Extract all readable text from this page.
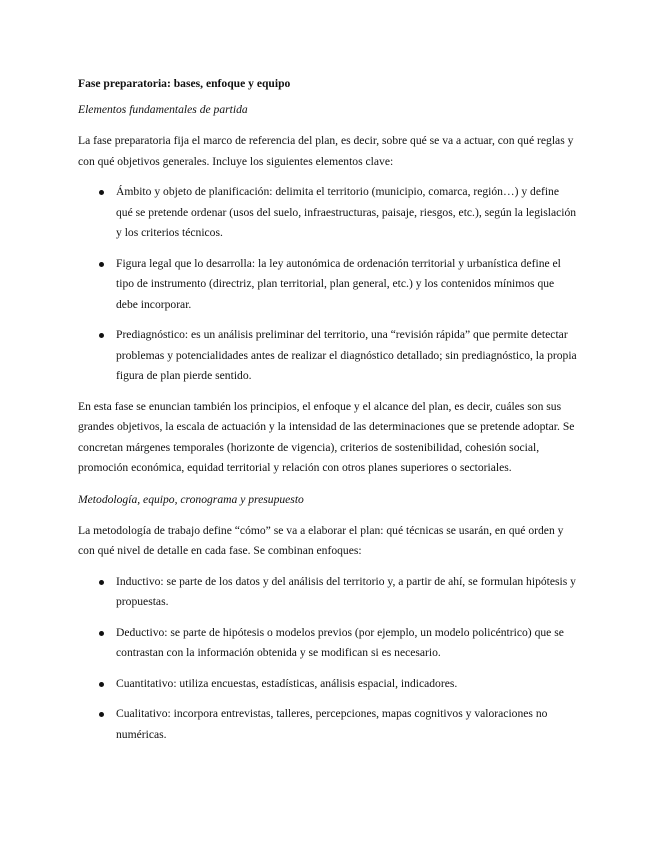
Fase preparatoria: bases, enfoque y equipo
Elementos fundamentales de partida

La fase preparatoria fija el marco de referencia del plan, es decir, sobre qué se va a actuar, con qué reglas y con qué objetivos generales. Incluye los siguientes elementos clave:

Ámbito y objeto de planificación: delimita el territorio (municipio, comarca, región…) y define qué se pretende ordenar (usos del suelo, infraestructuras, paisaje, riesgos, etc.), según la legislación y los criterios técnicos.
Figura legal que lo desarrolla: la ley autonómica de ordenación territorial y urbanística define el tipo de instrumento (directriz, plan territorial, plan general, etc.) y los contenidos mínimos que debe incorporar.
Prediagnóstico: es un análisis preliminar del territorio, una “revisión rápida” que permite detectar problemas y potencialidades antes de realizar el diagnóstico detallado; sin prediagnóstico, la propia figura de plan pierde sentido.

En esta fase se enuncian también los principios, el enfoque y el alcance del plan, es decir, cuáles son sus grandes objetivos, la escala de actuación y la intensidad de las determinaciones que se pretende adoptar. Se concretan márgenes temporales (horizonte de vigencia), criterios de sostenibilidad, cohesión social, promoción económica, equidad territorial y relación con otros planes superiores o sectoriales.

Metodología, equipo, cronograma y presupuesto

La metodología de trabajo define “cómo” se va a elaborar el plan: qué técnicas se usarán, en qué orden y con qué nivel de detalle en cada fase. Se combinan enfoques:

Inductivo: se parte de los datos y del análisis del territorio y, a partir de ahí, se formulan hipótesis y propuestas.
Deductivo: se parte de hipótesis o modelos previos (por ejemplo, un modelo policéntrico) que se contrastan con la información obtenida y se modifican si es necesario.
Cuantitativo: utiliza encuestas, estadísticas, análisis espacial, indicadores.
Cualitativo: incorpora entrevistas, talleres, percepciones, mapas cognitivos y valoraciones no numéricas.
